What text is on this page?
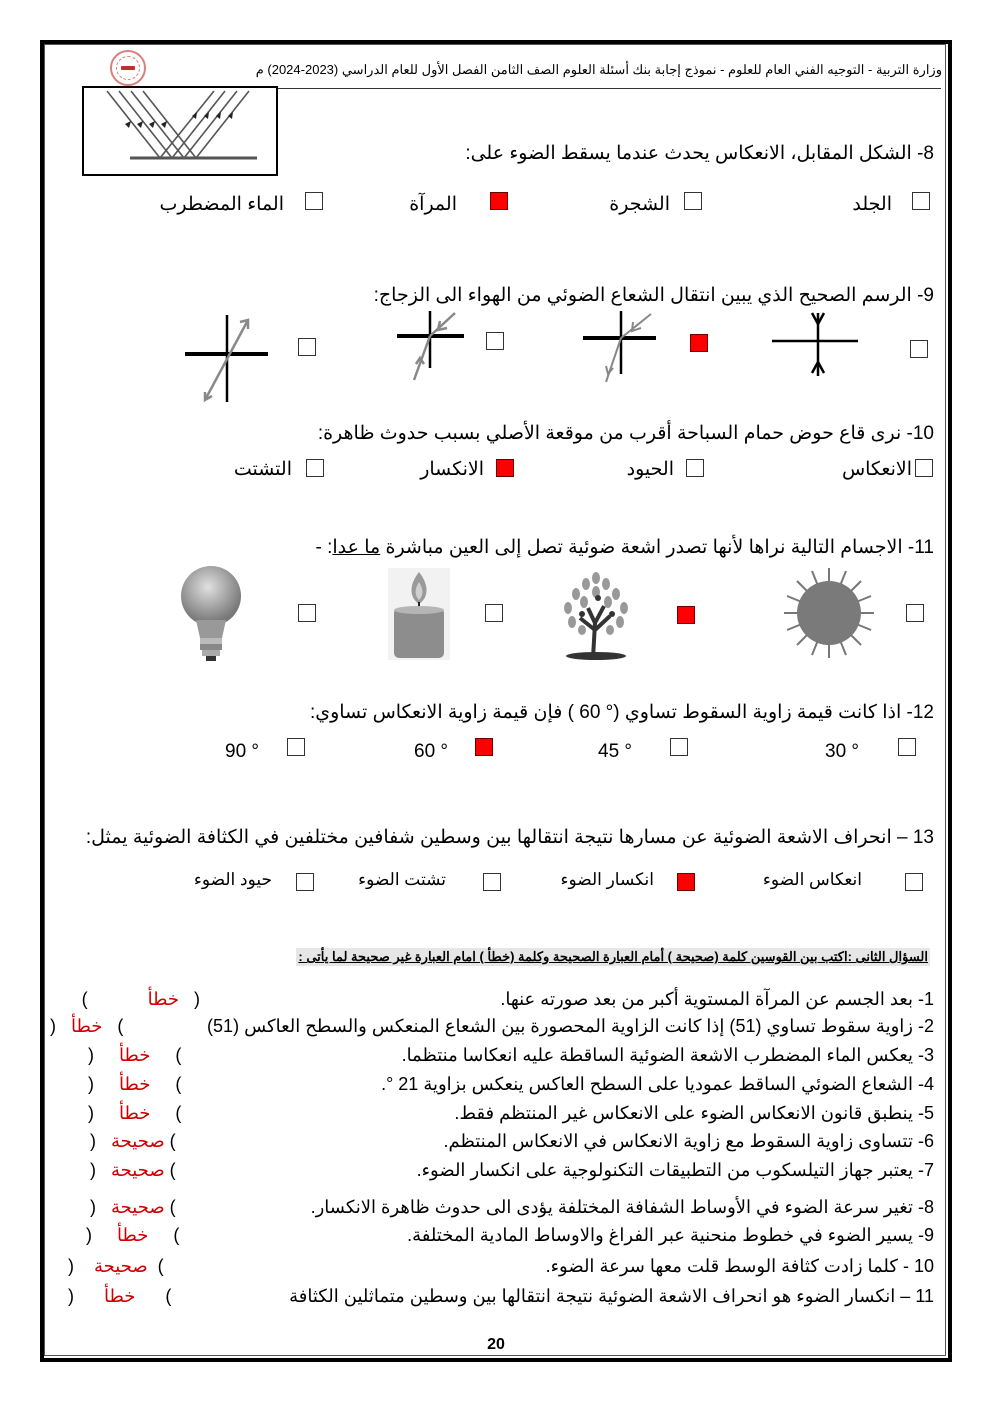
وزارة التربية - التوجيه الفني العام للعلوم - نموذج إجابة بنك أسئلة العلوم الصف الثامن الفصل الأول للعام الدراسي (2023-2024) م
8- الشكل المقابل، الانعكاس يحدث عندما يسقط الضوء على:
الجلد
الشجرة
المرآة
الماء المضطرب
9- الرسم الصحيح الذي يبين انتقال الشعاع الضوئي من الهواء الى الزجاج:
10- نرى قاع حوض حمام السباحة أقرب من موقعة الأصلي بسبب حدوث ظاهرة:
الانعكاس
الحيود
الانكسار
التشتت
11- الاجسام التالية نراها لأنها تصدر اشعة ضوئية تصل إلى العين مباشرة ما عدا: -
12- اذا كانت قيمة زاوية السقوط تساوي (° 60 ) فإن قيمة زاوية الانعكاس تساوي:
30 °
45 °
60 °
90 °
13 – انحراف الاشعة الضوئية عن مسارها نتيجة انتقالها بين وسطين شفافين مختلفين في الكثافة الضوئية يمثل:
انعكاس الضوء
انكسار الضوء
تشتت الضوء
حيود الضوء
السؤال الثانى :اكتب بين القوسين كلمة (صحيحة ) أمام العبارة الصحيحة وكلمة (خطأ ) امام العبارة غير صحيحة لما يأتى :
1- بعد الجسم عن المرآة المستوية أكبر من بعد صورته عنها.
(   خطأ            )
2- زاوية سقوط تساوي (51) إذا كانت الزاوية المحصورة بين الشعاع المنعكس والسطح العاكس (51)
)   خطأ   (
3- يعكس الماء المضطرب الاشعة الضوئية الساقطة عليه انعكاسا منتظما.
)     خطأ     (
4- الشعاع الضوئي الساقط عموديا على السطح العاكس ينعكس بزاوية 21 °.
)     خطأ     (
5- ينطبق قانون الانعكاس الضوء على الانعكاس غير المنتظم فقط.
)     خطأ     (
6- تتساوى زاوية السقوط مع زاوية الانعكاس في الانعكاس المنتظم.
) صحيحة   (
7- يعتبر جهاز التيلسكوب من التطبيقات التكنولوجية على انكسار الضوء.
) صحيحة   (
8- تغير سرعة الضوء في الأوساط الشفافة المختلفة يؤدى الى حدوث ظاهرة الانكسار.
) صحيحة   (
9- يسير الضوء في خطوط منحنية عبر الفراغ والاوساط المادية المختلفة.
)     خطأ     (
10 - كلما زادت كثافة الوسط قلت معها سرعة الضوء.
)  صحيحة    (
11 – انكسار الضوء هو انحراف الاشعة الضوئية نتيجة انتقالها بين وسطين متماثلين الكثافة
)      خطأ      (
20
